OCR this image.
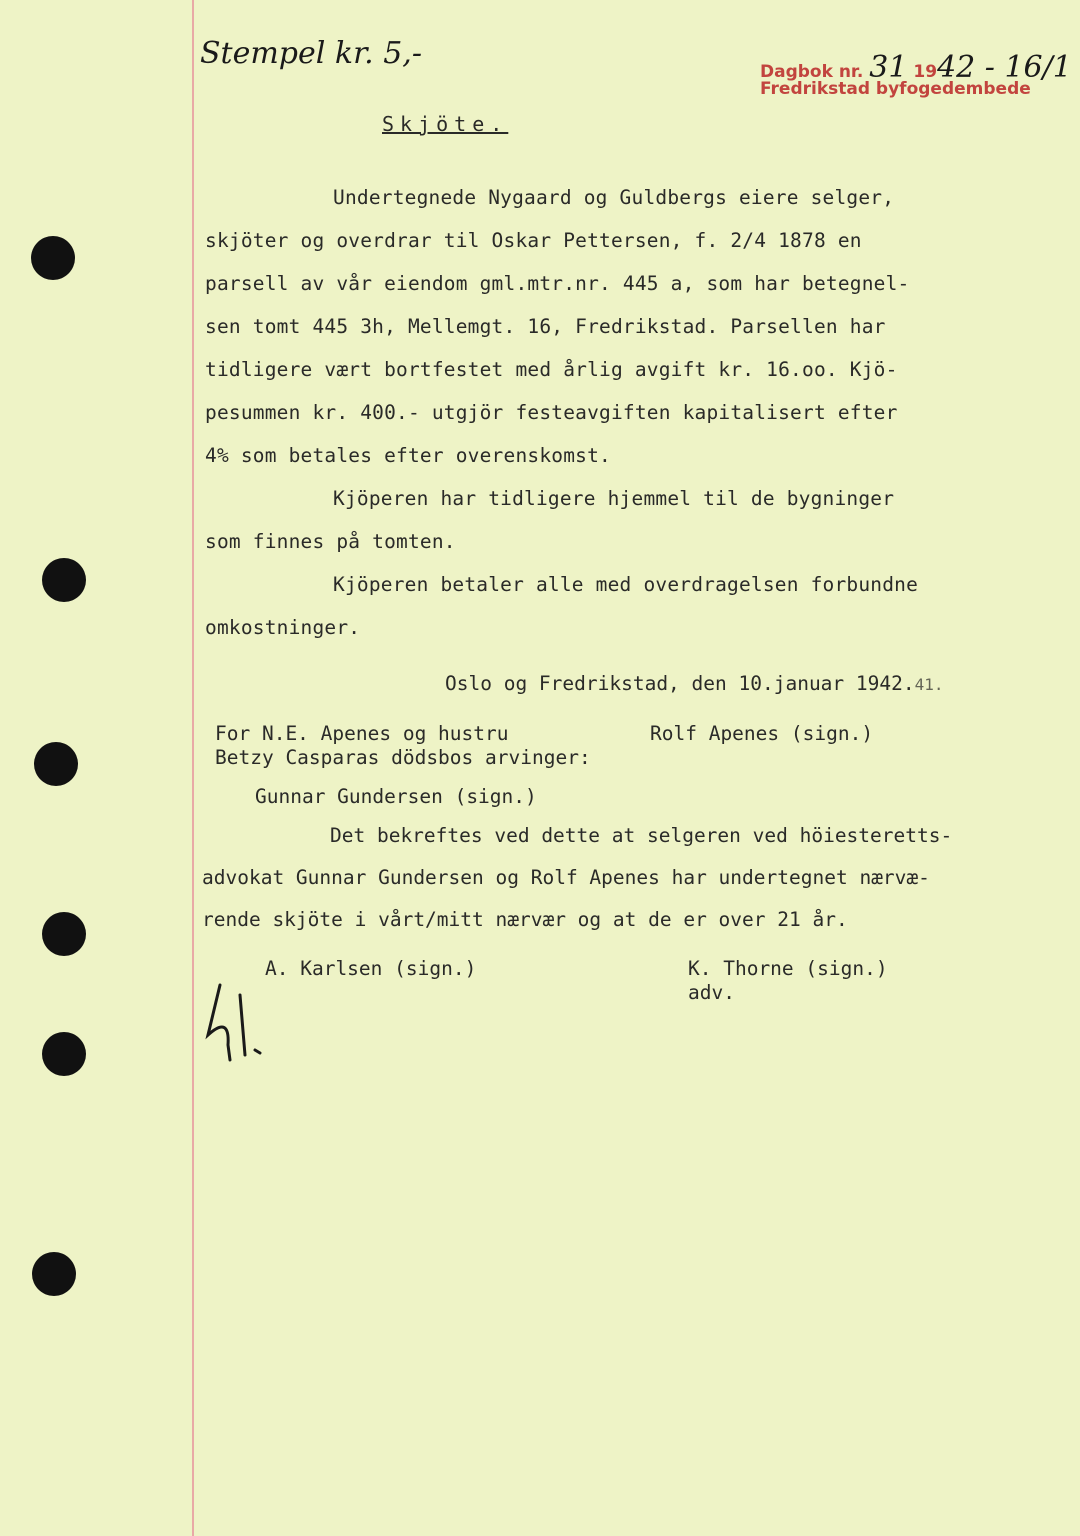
Stempel kr. 5,-
Dagbok nr. 31 1942 - 16/1
Fredrikstad byfogedembede
Skjöte.
Undertegnede Nygaard og Guldbergs eiere selger,
skjöter og overdrar til Oskar Pettersen, f. 2/4 1878 en
parsell av vår eiendom gml.mtr.nr. 445 a, som har betegnel-
sen tomt 445 3h, Mellemgt. 16, Fredrikstad. Parsellen har
tidligere vært bortfestet med årlig avgift kr. 16.oo. Kjö-
pesummen kr. 400.- utgjör festeavgiften kapitalisert efter
4% som betales efter overenskomst.
Kjöperen har tidligere hjemmel til de bygninger
som finnes på tomten.
Kjöperen betaler alle med overdragelsen forbundne
omkostninger.
Oslo og Fredrikstad, den 10.januar 1942.41.
For N.E. Apenes og hustru
Betzy Casparas dödsbos arvinger:
Rolf Apenes (sign.)
Gunnar Gundersen (sign.)
Det bekreftes ved dette at selgeren ved höiesteretts-
advokat Gunnar Gundersen og Rolf Apenes har undertegnet nærvæ-
rende skjöte i vårt/mitt nærvær og at de er over 21 år.
A. Karlsen (sign.)	K. Thorne (sign.)
adv.
